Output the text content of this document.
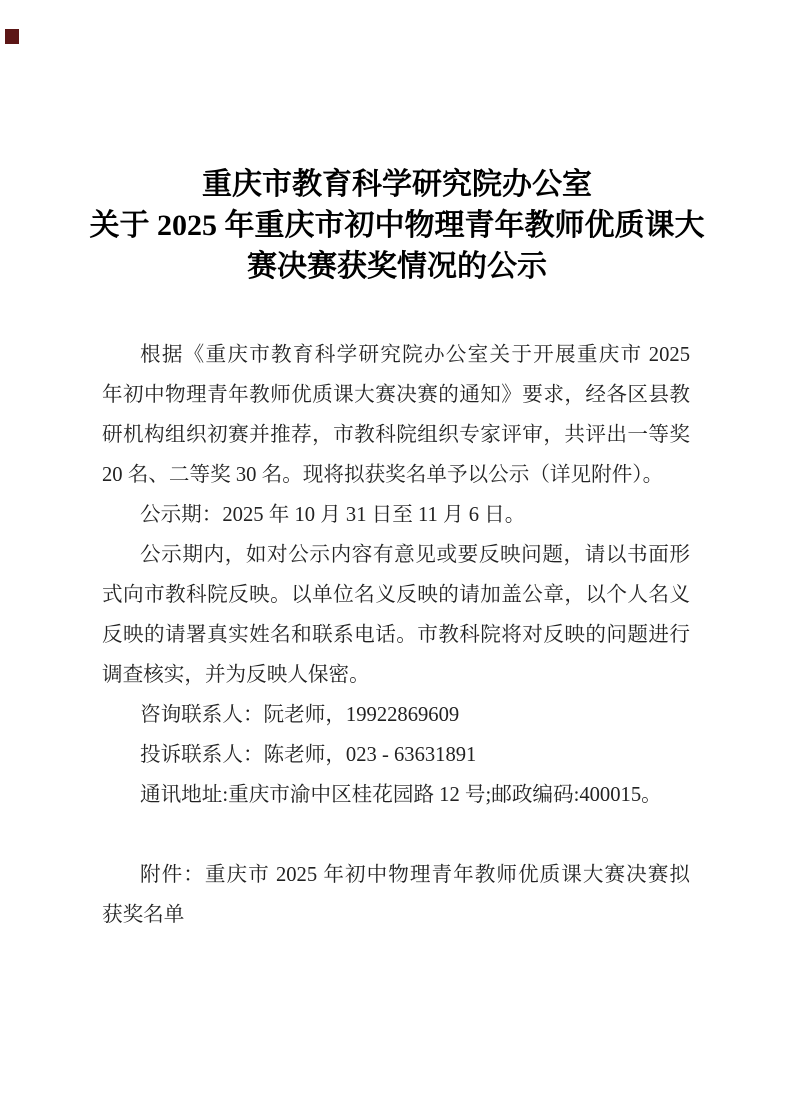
重庆市教育科学研究院办公室
关于 2025 年重庆市初中物理青年教师优质课大
赛决赛获奖情况的公示
根据《重庆市教育科学研究院办公室关于开展重庆市 2025
年初中物理青年教师优质课大赛决赛的通知》要求，经各区县教
研机构组织初赛并推荐，市教科院组织专家评审，共评出一等奖
20 名、二等奖 30 名。现将拟获奖名单予以公示（详见附件）。
公示期：2025 年 10 月 31 日至 11 月 6 日。
公示期内，如对公示内容有意见或要反映问题，请以书面形
式向市教科院反映。以单位名义反映的请加盖公章，以个人名义
反映的请署真实姓名和联系电话。市教科院将对反映的问题进行
调查核实，并为反映人保密。
咨询联系人：阮老师，19922869609
投诉联系人：陈老师，023 - 63631891
通讯地址:重庆市渝中区桂花园路 12 号;邮政编码:400015。
附件：重庆市 2025 年初中物理青年教师优质课大赛决赛拟
获奖名单
